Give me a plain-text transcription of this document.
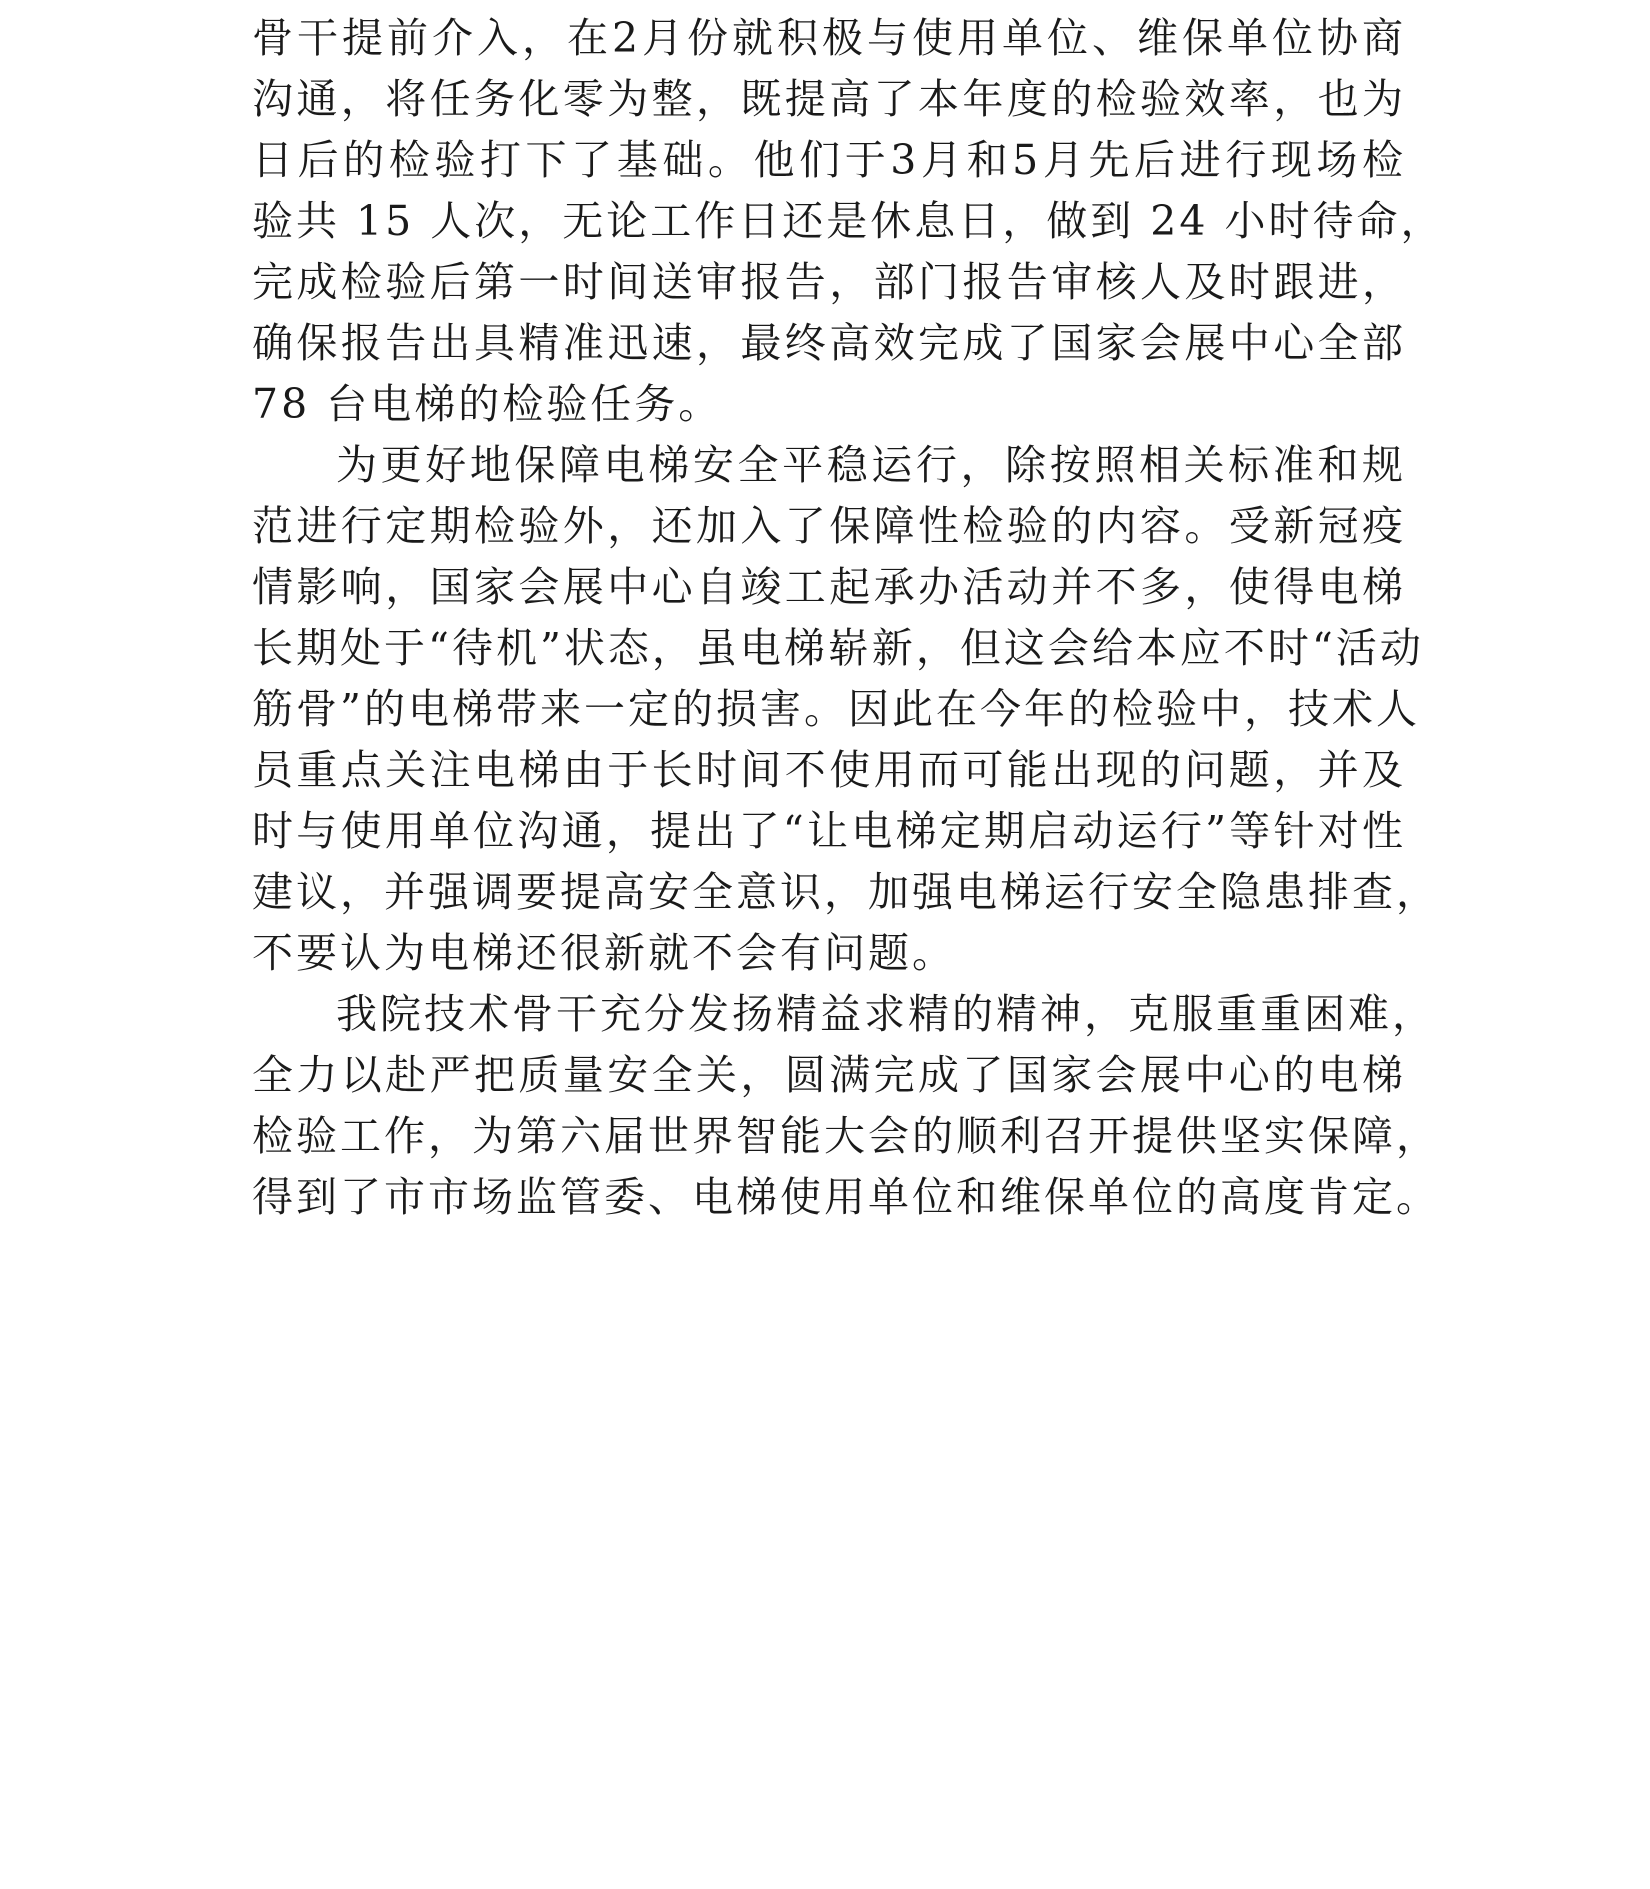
骨干提前介入，在2月份就积极与使用单位、维保单位协商
沟通，将任务化零为整，既提高了本年度的检验效率，也为
日后的检验打下了基础。他们于3月和5月先后进行现场检
验共 15 人次，无论工作日还是休息日，做到 24 小时待命，
完成检验后第一时间送审报告，部门报告审核人及时跟进，
确保报告出具精准迅速，最终高效完成了国家会展中心全部
78 台电梯的检验任务。
为更好地保障电梯安全平稳运行，除按照相关标准和规
范进行定期检验外，还加入了保障性检验的内容。受新冠疫
情影响，国家会展中心自竣工起承办活动并不多，使得电梯
长期处于“待机”状态，虽电梯崭新，但这会给本应不时“活动
筋骨”的电梯带来一定的损害。因此在今年的检验中，技术人
员重点关注电梯由于长时间不使用而可能出现的问题，并及
时与使用单位沟通，提出了“让电梯定期启动运行”等针对性
建议，并强调要提高安全意识，加强电梯运行安全隐患排查，
不要认为电梯还很新就不会有问题。
我院技术骨干充分发扬精益求精的精神，克服重重困难，
全力以赴严把质量安全关，圆满完成了国家会展中心的电梯
检验工作，为第六届世界智能大会的顺利召开提供坚实保障，
得到了市市场监管委、电梯使用单位和维保单位的高度肯定。
